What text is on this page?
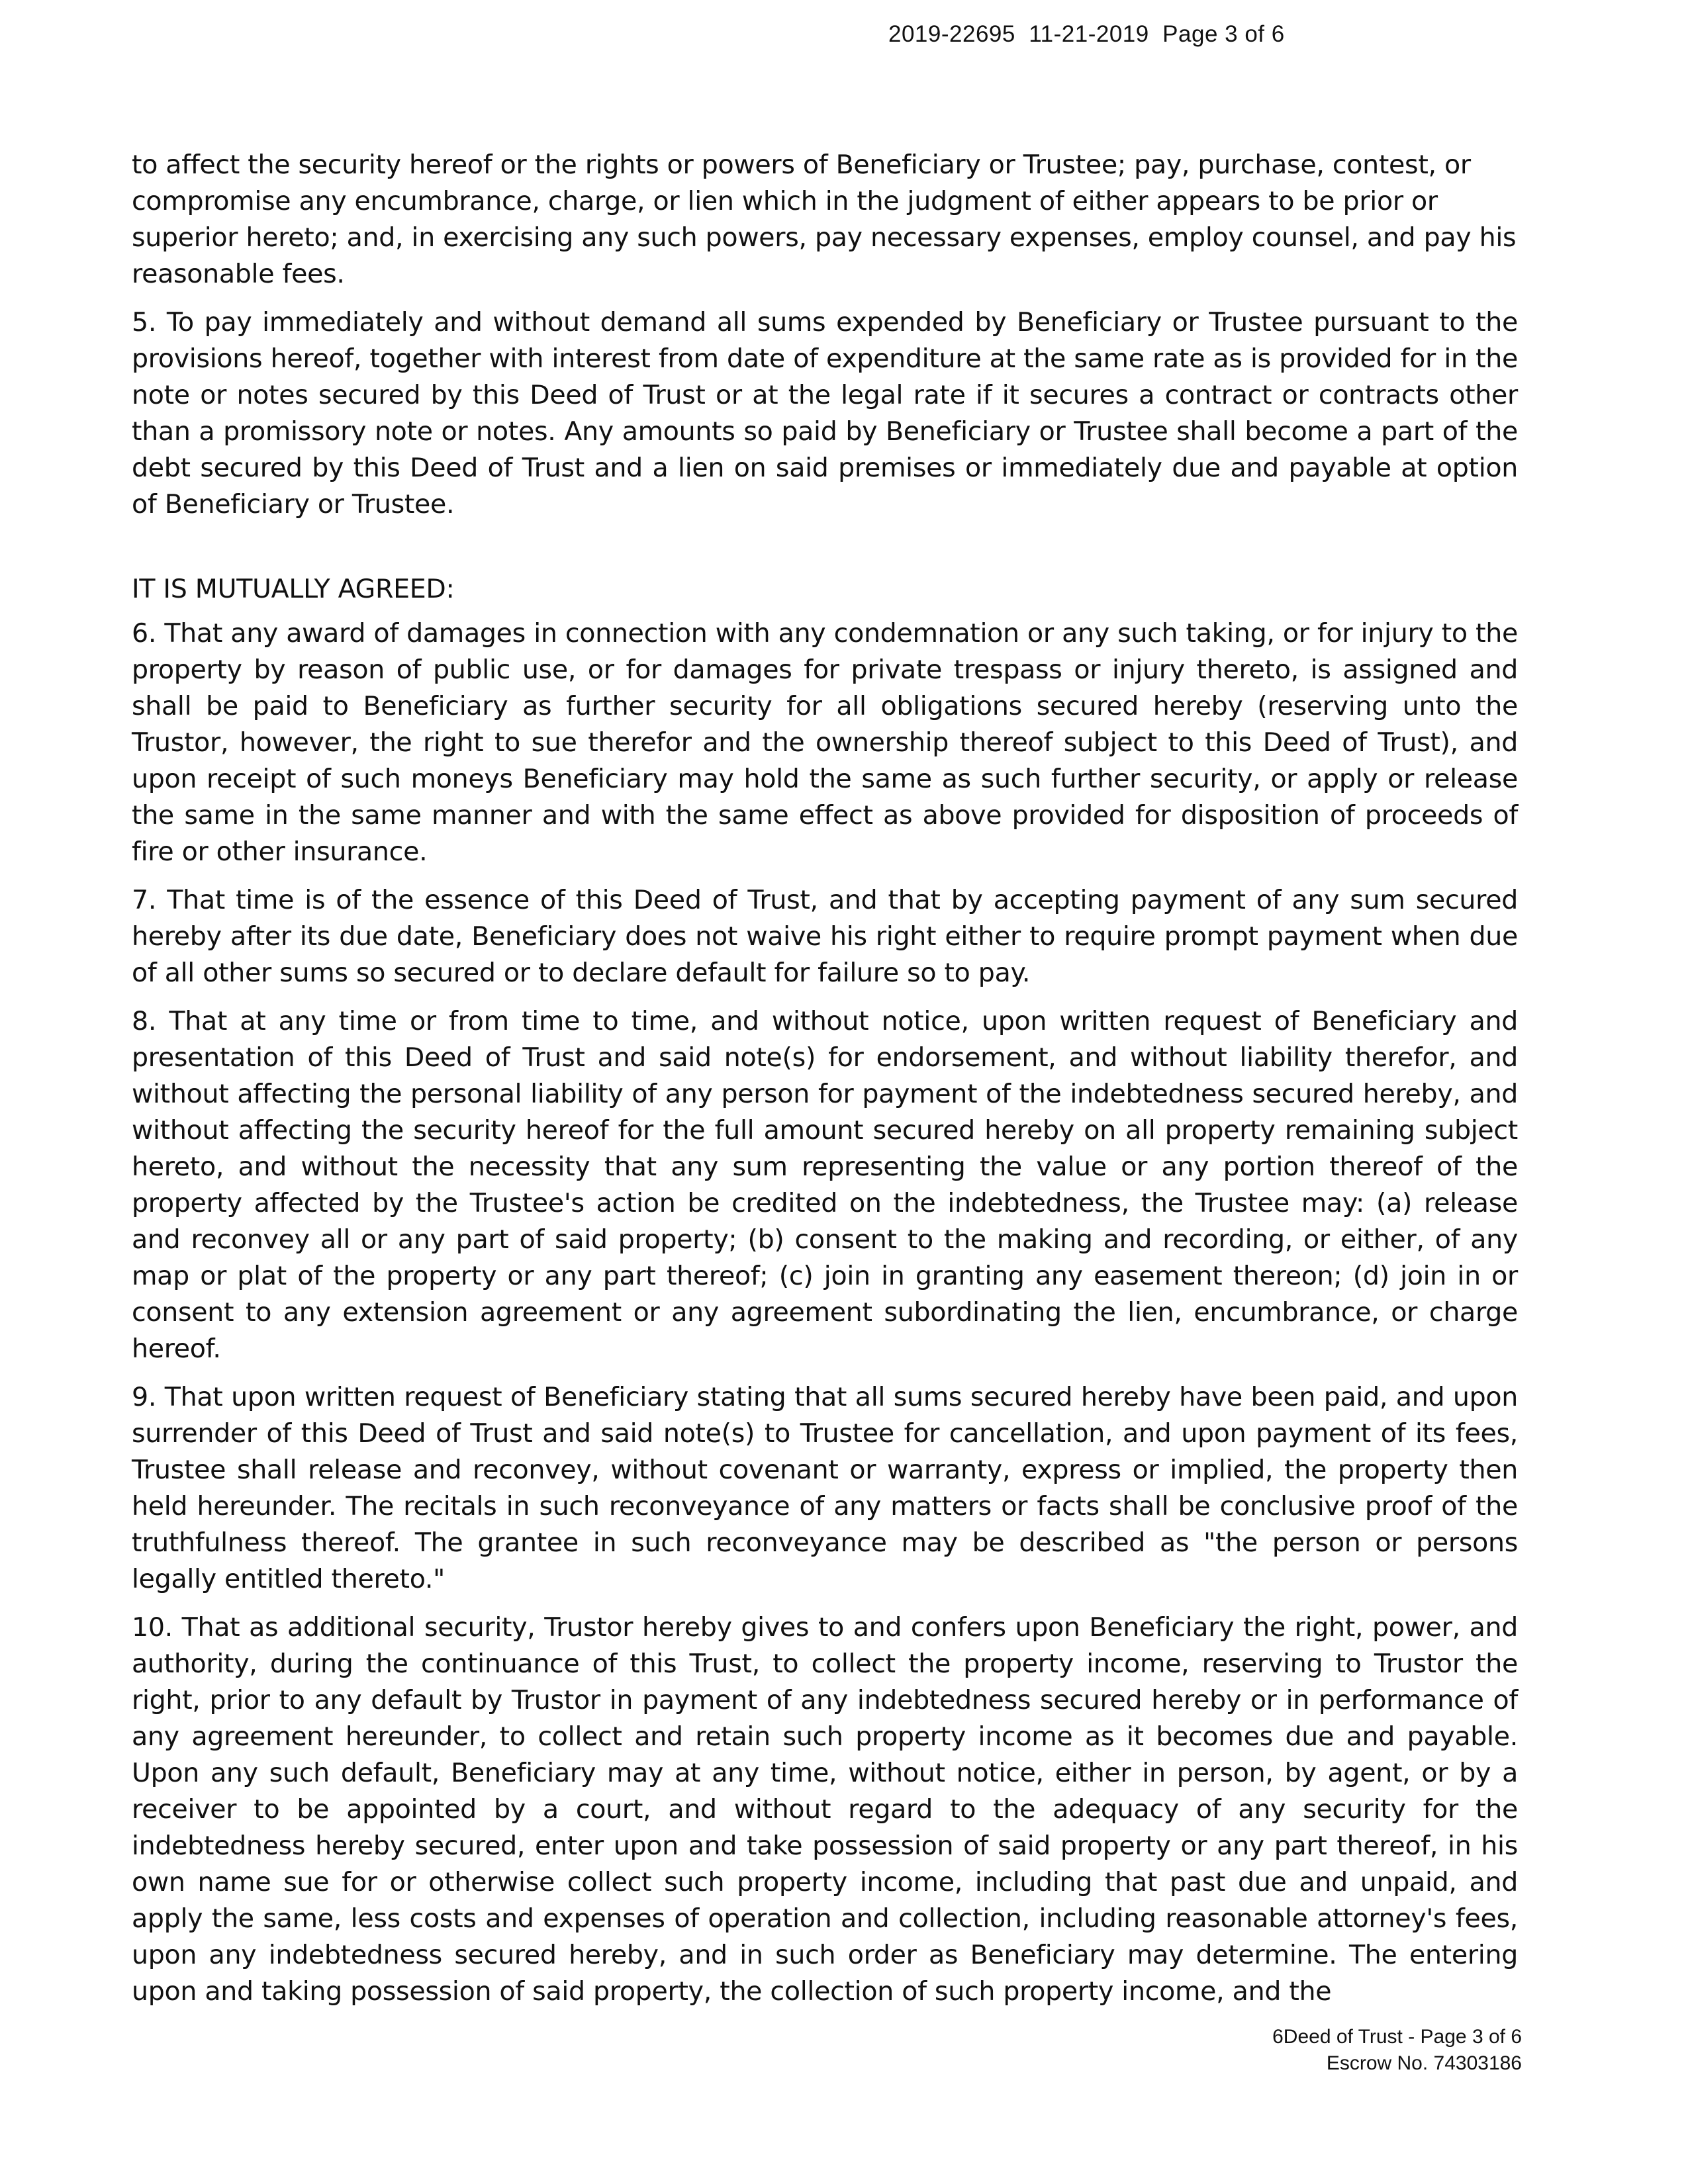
2019-22695  11-21-2019  Page 3 of 6

to affect the security hereof or the rights or powers of Beneficiary or Trustee; pay, purchase, contest, or compromise any encumbrance, charge, or lien which in the judgment of either appears to be prior or superior hereto; and, in exercising any such powers, pay necessary expenses, employ counsel, and pay his reasonable fees.

5. To pay immediately and without demand all sums expended by Beneficiary or Trustee pursuant to the provisions hereof, together with interest from date of expenditure at the same rate as is provided for in the note or notes secured by this Deed of Trust or at the legal rate if it secures a contract or contracts other than a promissory note or notes. Any amounts so paid by Beneficiary or Trustee shall become a part of the debt secured by this Deed of Trust and a lien on said premises or immediately due and payable at option of Beneficiary or Trustee.

IT IS MUTUALLY AGREED:

6. That any award of damages in connection with any condemnation or any such taking, or for injury to the property by reason of public use, or for damages for private trespass or injury thereto, is assigned and shall be paid to Beneficiary as further security for all obligations secured hereby (reserving unto the Trustor, however, the right to sue therefor and the ownership thereof subject to this Deed of Trust), and upon receipt of such moneys Beneficiary may hold the same as such further security, or apply or release the same in the same manner and with the same effect as above provided for disposition of proceeds of fire or other insurance.

7. That time is of the essence of this Deed of Trust, and that by accepting payment of any sum secured hereby after its due date, Beneficiary does not waive his right either to require prompt payment when due of all other sums so secured or to declare default for failure so to pay.

8. That at any time or from time to time, and without notice, upon written request of Beneficiary and presentation of this Deed of Trust and said note(s) for endorsement, and without liability therefor, and without affecting the personal liability of any person for payment of the indebtedness secured hereby, and without affecting the security hereof for the full amount secured hereby on all property remaining subject hereto, and without the necessity that any sum representing the value or any portion thereof of the property affected by the Trustee's action be credited on the indebtedness, the Trustee may: (a) release and reconvey all or any part of said property; (b) consent to the making and recording, or either, of any map or plat of the property or any part thereof; (c) join in granting any easement thereon; (d) join in or consent to any extension agreement or any agreement subordinating the lien, encumbrance, or charge hereof.

9. That upon written request of Beneficiary stating that all sums secured hereby have been paid, and upon surrender of this Deed of Trust and said note(s) to Trustee for cancellation, and upon payment of its fees, Trustee shall release and reconvey, without covenant or warranty, express or implied, the property then held hereunder. The recitals in such reconveyance of any matters or facts shall be conclusive proof of the truthfulness thereof. The grantee in such reconveyance may be described as "the person or persons legally entitled thereto."

10. That as additional security, Trustor hereby gives to and confers upon Beneficiary the right, power, and authority, during the continuance of this Trust, to collect the property income, reserving to Trustor the right, prior to any default by Trustor in payment of any indebtedness secured hereby or in performance of any agreement hereunder, to collect and retain such property income as it becomes due and payable. Upon any such default, Beneficiary may at any time, without notice, either in person, by agent, or by a receiver to be appointed by a court, and without regard to the adequacy of any security for the indebtedness hereby secured, enter upon and take possession of said property or any part thereof, in his own name sue for or otherwise collect such property income, including that past due and unpaid, and apply the same, less costs and expenses of operation and collection, including reasonable attorney's fees, upon any indebtedness secured hereby, and in such order as Beneficiary may determine. The entering upon and taking possession of said property, the collection of such property income, and the

6Deed of Trust - Page 3 of 6
Escrow No. 74303186
